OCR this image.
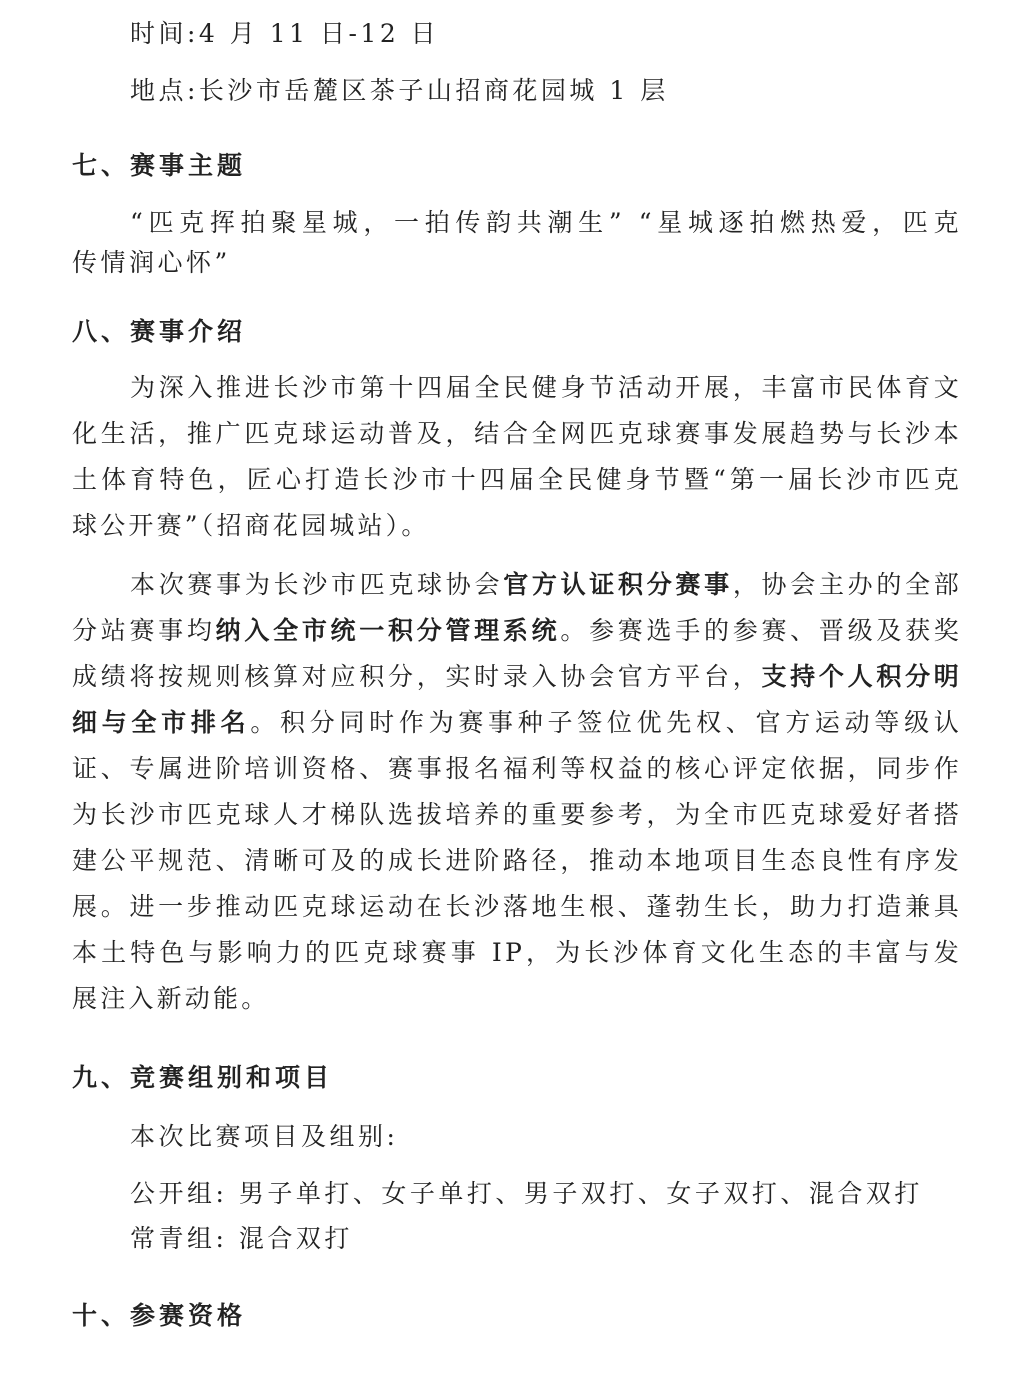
时间:4 月 11 日-12 日
地点:长沙市岳麓区茶子山招商花园城 1 层
七、赛事主题
“匹克挥拍聚星城，一拍传韵共潮生” “星城逐拍燃热爱，匹克
传情润心怀”
八、赛事介绍
为深入推进长沙市第十四届全民健身节活动开展，丰富市民体育文化生活，推广匹克球运动普及，结合全网匹克球赛事发展趋势与长沙本土体育特色，匠心打造长沙市十四届全民健身节暨“第一届长沙市匹克球公开赛”（招商花园城站）。
本次赛事为长沙市匹克球协会官方认证积分赛事，协会主办的全部分站赛事均纳入全市统一积分管理系统。参赛选手的参赛、晋级及获奖成绩将按规则核算对应积分，实时录入协会官方平台，支持个人积分明细与全市排名。积分同时作为赛事种子签位优先权、官方运动等级认证、专属进阶培训资格、赛事报名福利等权益的核心评定依据，同步作为长沙市匹克球人才梯队选拔培养的重要参考，为全市匹克球爱好者搭建公平规范、清晰可及的成长进阶路径，推动本地项目生态良性有序发展。进一步推动匹克球运动在长沙落地生根、蓬勃生长，助力打造兼具本土特色与影响力的匹克球赛事 IP，为长沙体育文化生态的丰富与发展注入新动能。
九、竞赛组别和项目
本次比赛项目及组别:
公开组: 男子单打、女子单打、男子双打、女子双打、混合双打
常青组: 混合双打
十、参赛资格
